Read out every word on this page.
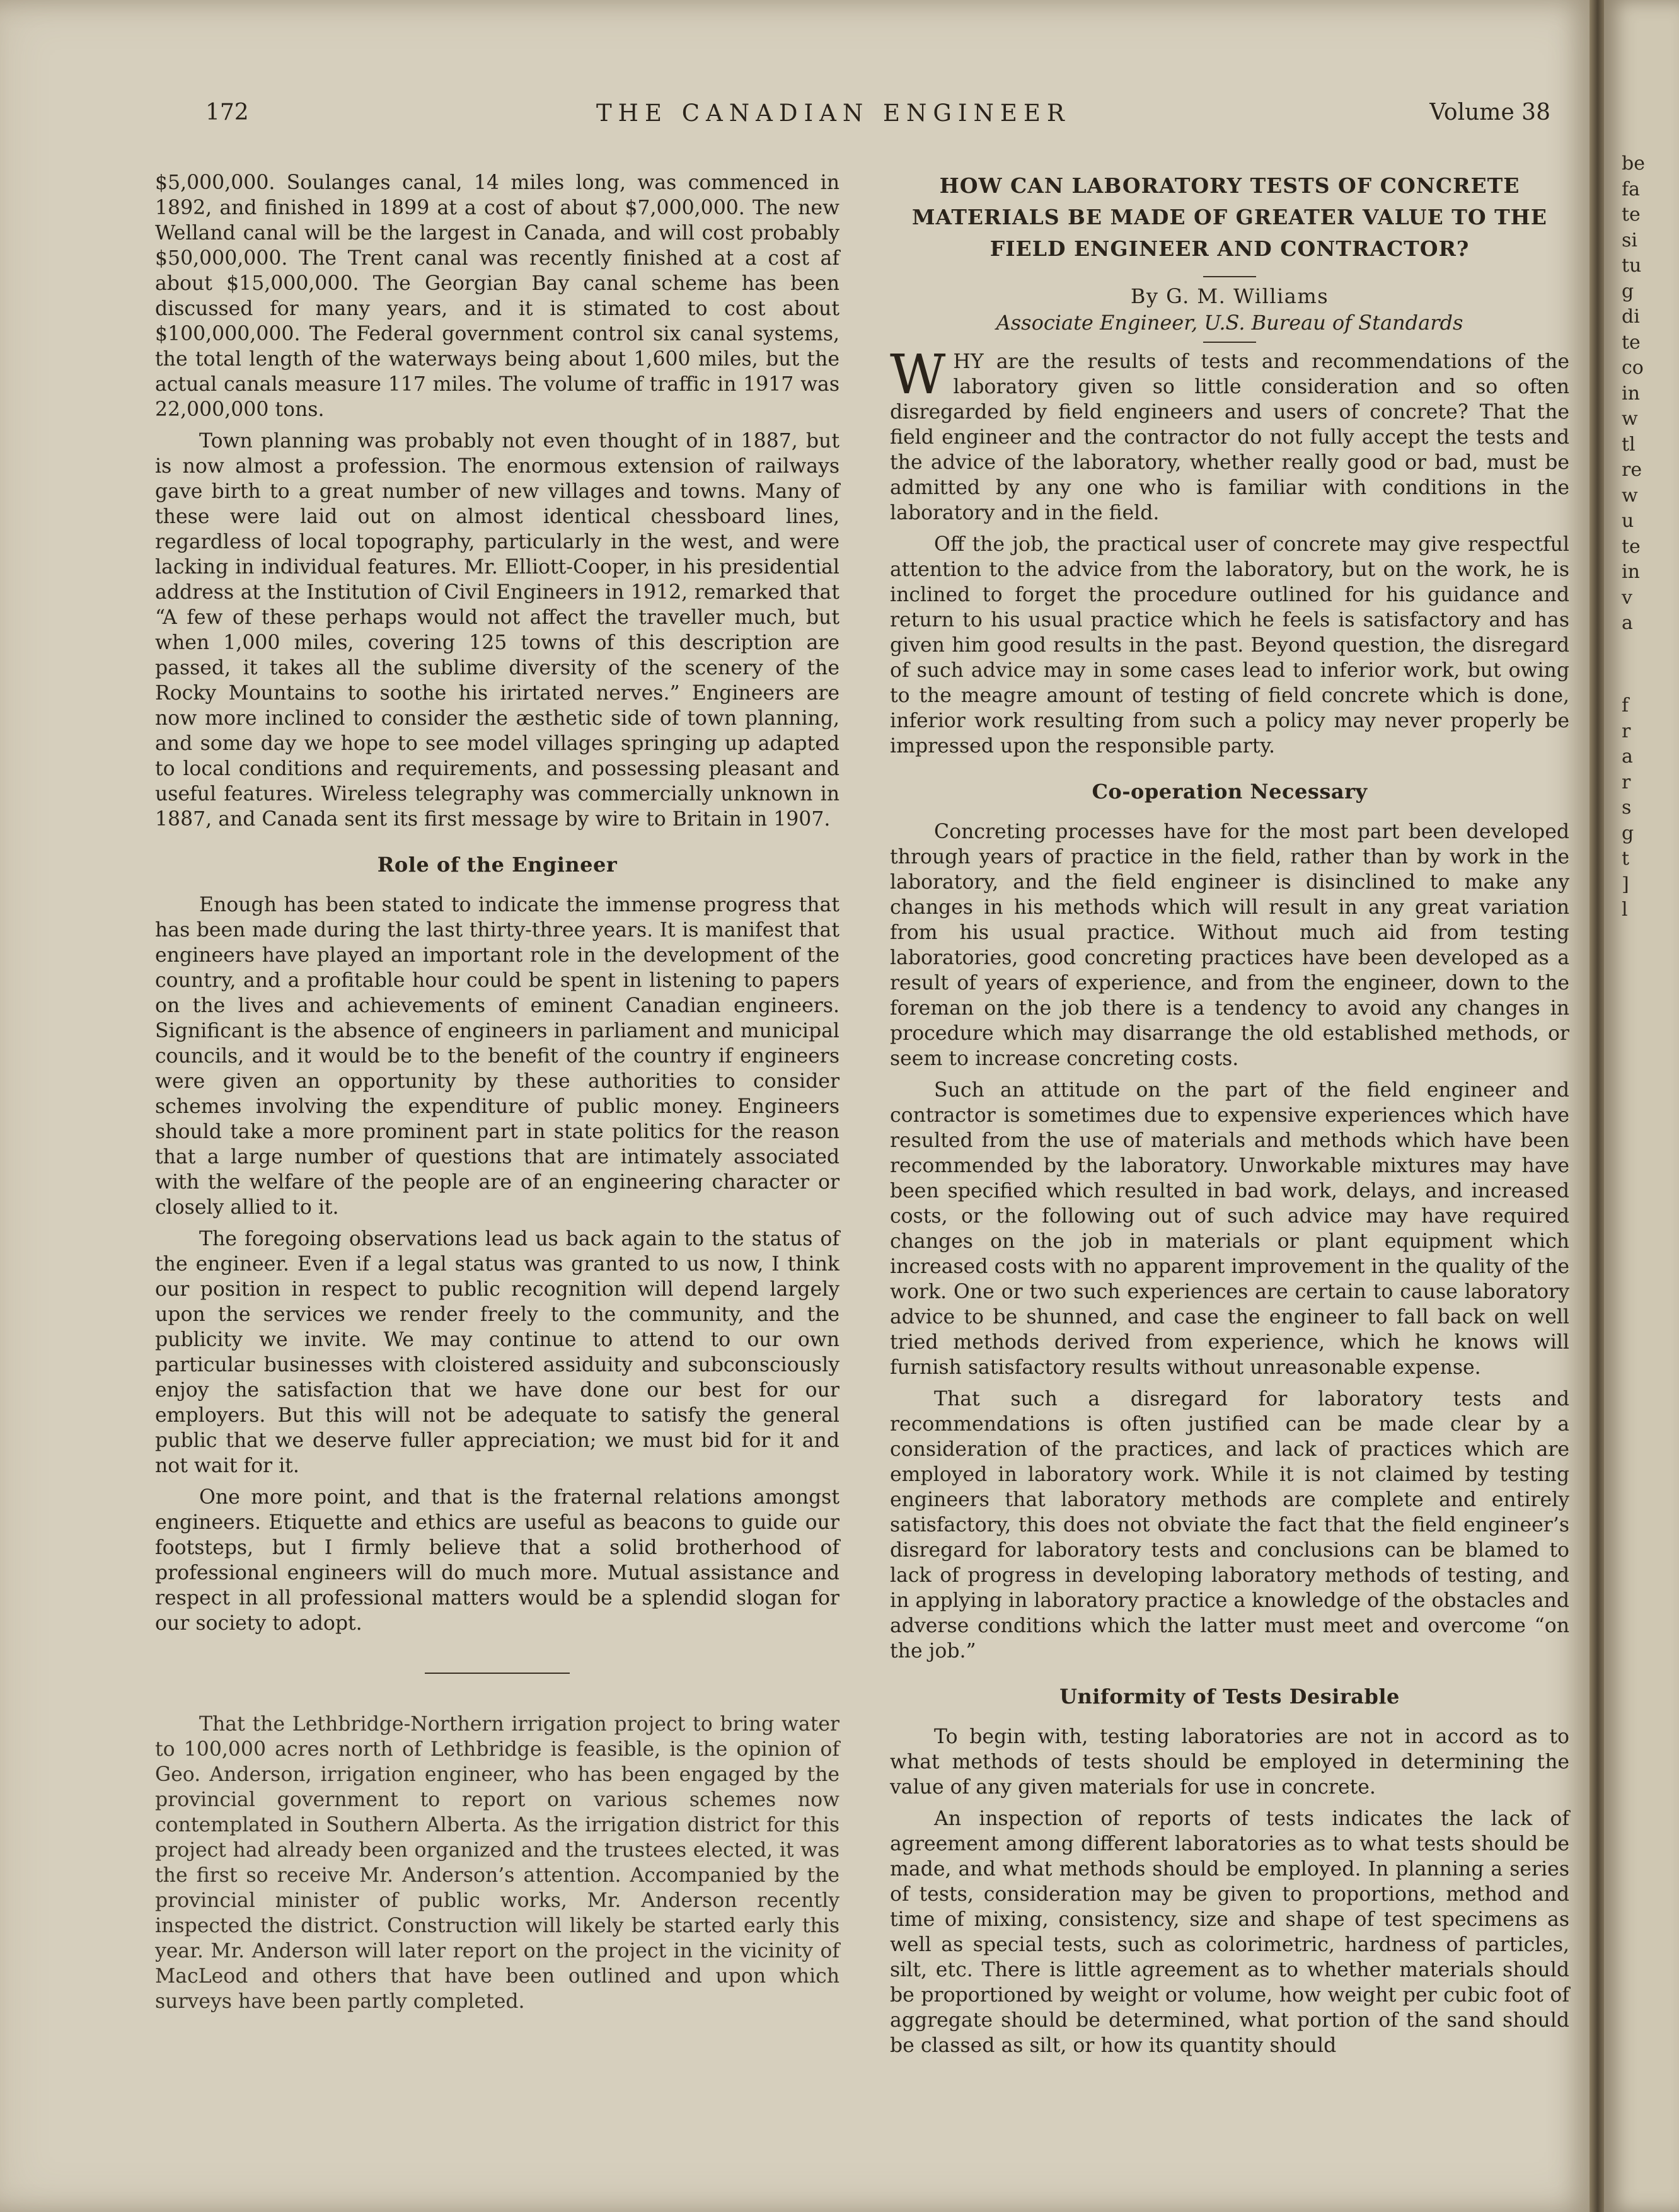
172	THE CANADIAN ENGINEER	Volume 38

$5,000,000. Soulanges canal, 14 miles long, was commenced in 1892, and finished in 1899 at a cost of about $7,000,000. The new Welland canal will be the largest in Canada, and will cost probably $50,000,000. The Trent canal was recently finished at a cost af about $15,000,000. The Georgian Bay canal scheme has been discussed for many years, and it is stimated to cost about $100,000,000. The Federal government control six canal systems, the total length of the waterways being about 1,600 miles, but the actual canals measure 117 miles. The volume of traffic in 1917 was 22,000,000 tons.

Town planning was probably not even thought of in 1887, but is now almost a profession. The enormous extension of railways gave birth to a great number of new villages and towns. Many of these were laid out on almost identical chessboard lines, regardless of local topography, particularly in the west, and were lacking in individual features. Mr. Elliott-Cooper, in his presidential address at the Institution of Civil Engineers in 1912, remarked that “A few of these perhaps would not affect the traveller much, but when 1,000 miles, covering 125 towns of this description are passed, it takes all the sublime diversity of the scenery of the Rocky Mountains to soothe his irirtated nerves.” Engineers are now more inclined to consider the æsthetic side of town planning, and some day we hope to see model villages springing up adapted to local conditions and requirements, and possessing pleasant and useful features. Wireless telegraphy was commercially unknown in 1887, and Canada sent its first message by wire to Britain in 1907.

Role of the Engineer

Enough has been stated to indicate the immense progress that has been made during the last thirty-three years. It is manifest that engineers have played an important role in the development of the country, and a profitable hour could be spent in listening to papers on the lives and achievements of eminent Canadian engineers. Significant is the absence of engineers in parliament and municipal councils, and it would be to the benefit of the country if engineers were given an opportunity by these authorities to consider schemes involving the expenditure of public money. Engineers should take a more prominent part in state politics for the reason that a large number of questions that are intimately associated with the welfare of the people are of an engineering character or closely allied to it.

The foregoing observations lead us back again to the status of the engineer. Even if a legal status was granted to us now, I think our position in respect to public recognition will depend largely upon the services we render freely to the community, and the publicity we invite. We may continue to attend to our own particular businesses with cloistered assiduity and subconsciously enjoy the satisfaction that we have done our best for our employers. But this will not be adequate to satisfy the general public that we deserve fuller appreciation; we must bid for it and not wait for it.

One more point, and that is the fraternal relations amongst engineers. Etiquette and ethics are useful as beacons to guide our footsteps, but I firmly believe that a solid brotherhood of professional engineers will do much more. Mutual assistance and respect in all professional matters would be a splendid slogan for our society to adopt.

That the Lethbridge-Northern irrigation project to bring water to 100,000 acres north of Lethbridge is feasible, is the opinion of Geo. Anderson, irrigation engineer, who has been engaged by the provincial government to report on various schemes now contemplated in Southern Alberta. As the irrigation district for this project had already been organized and the trustees elected, it was the first so receive Mr. Anderson’s attention. Accompanied by the provincial minister of public works, Mr. Anderson recently inspected the district. Construction will likely be started early this year. Mr. Anderson will later report on the project in the vicinity of MacLeod and others that have been outlined and upon which surveys have been partly completed.

HOW CAN LABORATORY TESTS OF CONCRETE MATERIALS BE MADE OF GREATER VALUE TO THE FIELD ENGINEER AND CONTRACTOR?
By G. M. Williams
Associate Engineer, U.S. Bureau of Standards

WHY are the results of tests and recommendations of the laboratory given so little consideration and so often disregarded by field engineers and users of concrete? That the field engineer and the contractor do not fully accept the tests and the advice of the laboratory, whether really good or bad, must be admitted by any one who is familiar with conditions in the laboratory and in the field.

Off the job, the practical user of concrete may give respectful attention to the advice from the laboratory, but on the work, he is inclined to forget the procedure outlined for his guidance and return to his usual practice which he feels is satisfactory and has given him good results in the past. Beyond question, the disregard of such advice may in some cases lead to inferior work, but owing to the meagre amount of testing of field concrete which is done, inferior work resulting from such a policy may never properly be impressed upon the responsible party.

Co-operation Necessary

Concreting processes have for the most part been developed through years of practice in the field, rather than by work in the laboratory, and the field engineer is disinclined to make any changes in his methods which will result in any great variation from his usual practice. Without much aid from testing laboratories, good concreting practices have been developed as a result of years of experience, and from the engineer, down to the foreman on the job there is a tendency to avoid any changes in procedure which may disarrange the old established methods, or seem to increase concreting costs.

Such an attitude on the part of the field engineer and contractor is sometimes due to expensive experiences which have resulted from the use of materials and methods which have been recommended by the laboratory. Unworkable mixtures may have been specified which resulted in bad work, delays, and increased costs, or the following out of such advice may have required changes on the job in materials or plant equipment which increased costs with no apparent improvement in the quality of the work. One or two such experiences are certain to cause laboratory advice to be shunned, and case the engineer to fall back on well tried methods derived from experience, which he knows will furnish satisfactory results without unreasonable expense.

That such a disregard for laboratory tests and recommendations is often justified can be made clear by a consideration of the practices, and lack of practices which are employed in laboratory work. While it is not claimed by testing engineers that laboratory methods are complete and entirely satisfactory, this does not obviate the fact that the field engineer’s disregard for laboratory tests and conclusions can be blamed to lack of progress in developing laboratory methods of testing, and in applying in laboratory practice a knowledge of the obstacles and adverse conditions which the latter must meet and overcome “on the job.”

Uniformity of Tests Desirable

To begin with, testing laboratories are not in accord as to what methods of tests should be employed in determining the value of any given materials for use in concrete.

An inspection of reports of tests indicates the lack of agreement among different laboratories as to what tests should be made, and what methods should be employed. In planning a series of tests, consideration may be given to proportions, method and time of mixing, consistency, size and shape of test specimens as well as special tests, such as colorimetric, hardness of particles, silt, etc. There is little agreement as to whether materials should be proportioned by weight or volume, how weight per cubic foot of aggregate should be determined, what portion of the sand should be classed as silt, or how its quantity should

be
fa
te
si
tu
g
di
te
co
in
w
tl
re
w
u
te
in
v
a
f
r
a
r
s
g
t
]
l
